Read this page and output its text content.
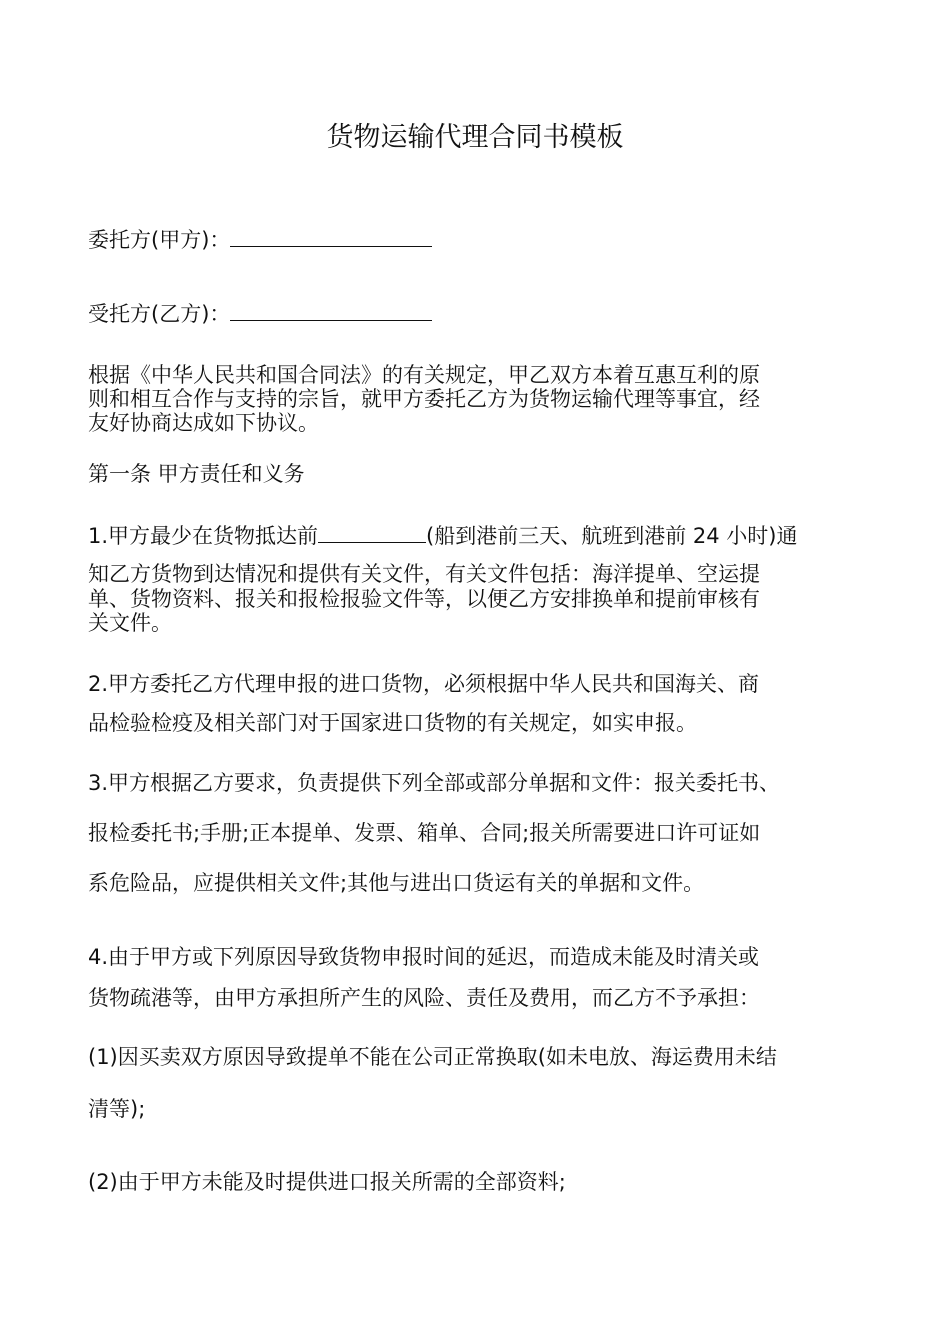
货物运输代理合同书模板
委托方(甲方)：
受托方(乙方)：
根据《中华人民共和国合同法》的有关规定，甲乙双方本着互惠互利的原
则和相互合作与支持的宗旨，就甲方委托乙方为货物运输代理等事宜，经
友好协商达成如下协议。
第一条 甲方责任和义务
1.甲方最少在货物抵达前	(船到港前三天、航班到港前 24 小时)通
知乙方货物到达情况和提供有关文件，有关文件包括：海洋提单、空运提
单、货物资料、报关和报检报验文件等，以便乙方安排换单和提前审核有
关文件。
2.甲方委托乙方代理申报的进口货物，必须根据中华人民共和国海关、商
品检验检疫及相关部门对于国家进口货物的有关规定，如实申报。
3.甲方根据乙方要求，负责提供下列全部或部分单据和文件：报关委托书、
报检委托书;手册;正本提单、发票、箱单、合同;报关所需要进口许可证如
系危险品，应提供相关文件;其他与进出口货运有关的单据和文件。
4.由于甲方或下列原因导致货物申报时间的延迟，而造成未能及时清关或
货物疏港等，由甲方承担所产生的风险、责任及费用，而乙方不予承担：
(1)因买卖双方原因导致提单不能在公司正常换取(如未电放、海运费用未结
清等);
(2)由于甲方未能及时提供进口报关所需的全部资料;
